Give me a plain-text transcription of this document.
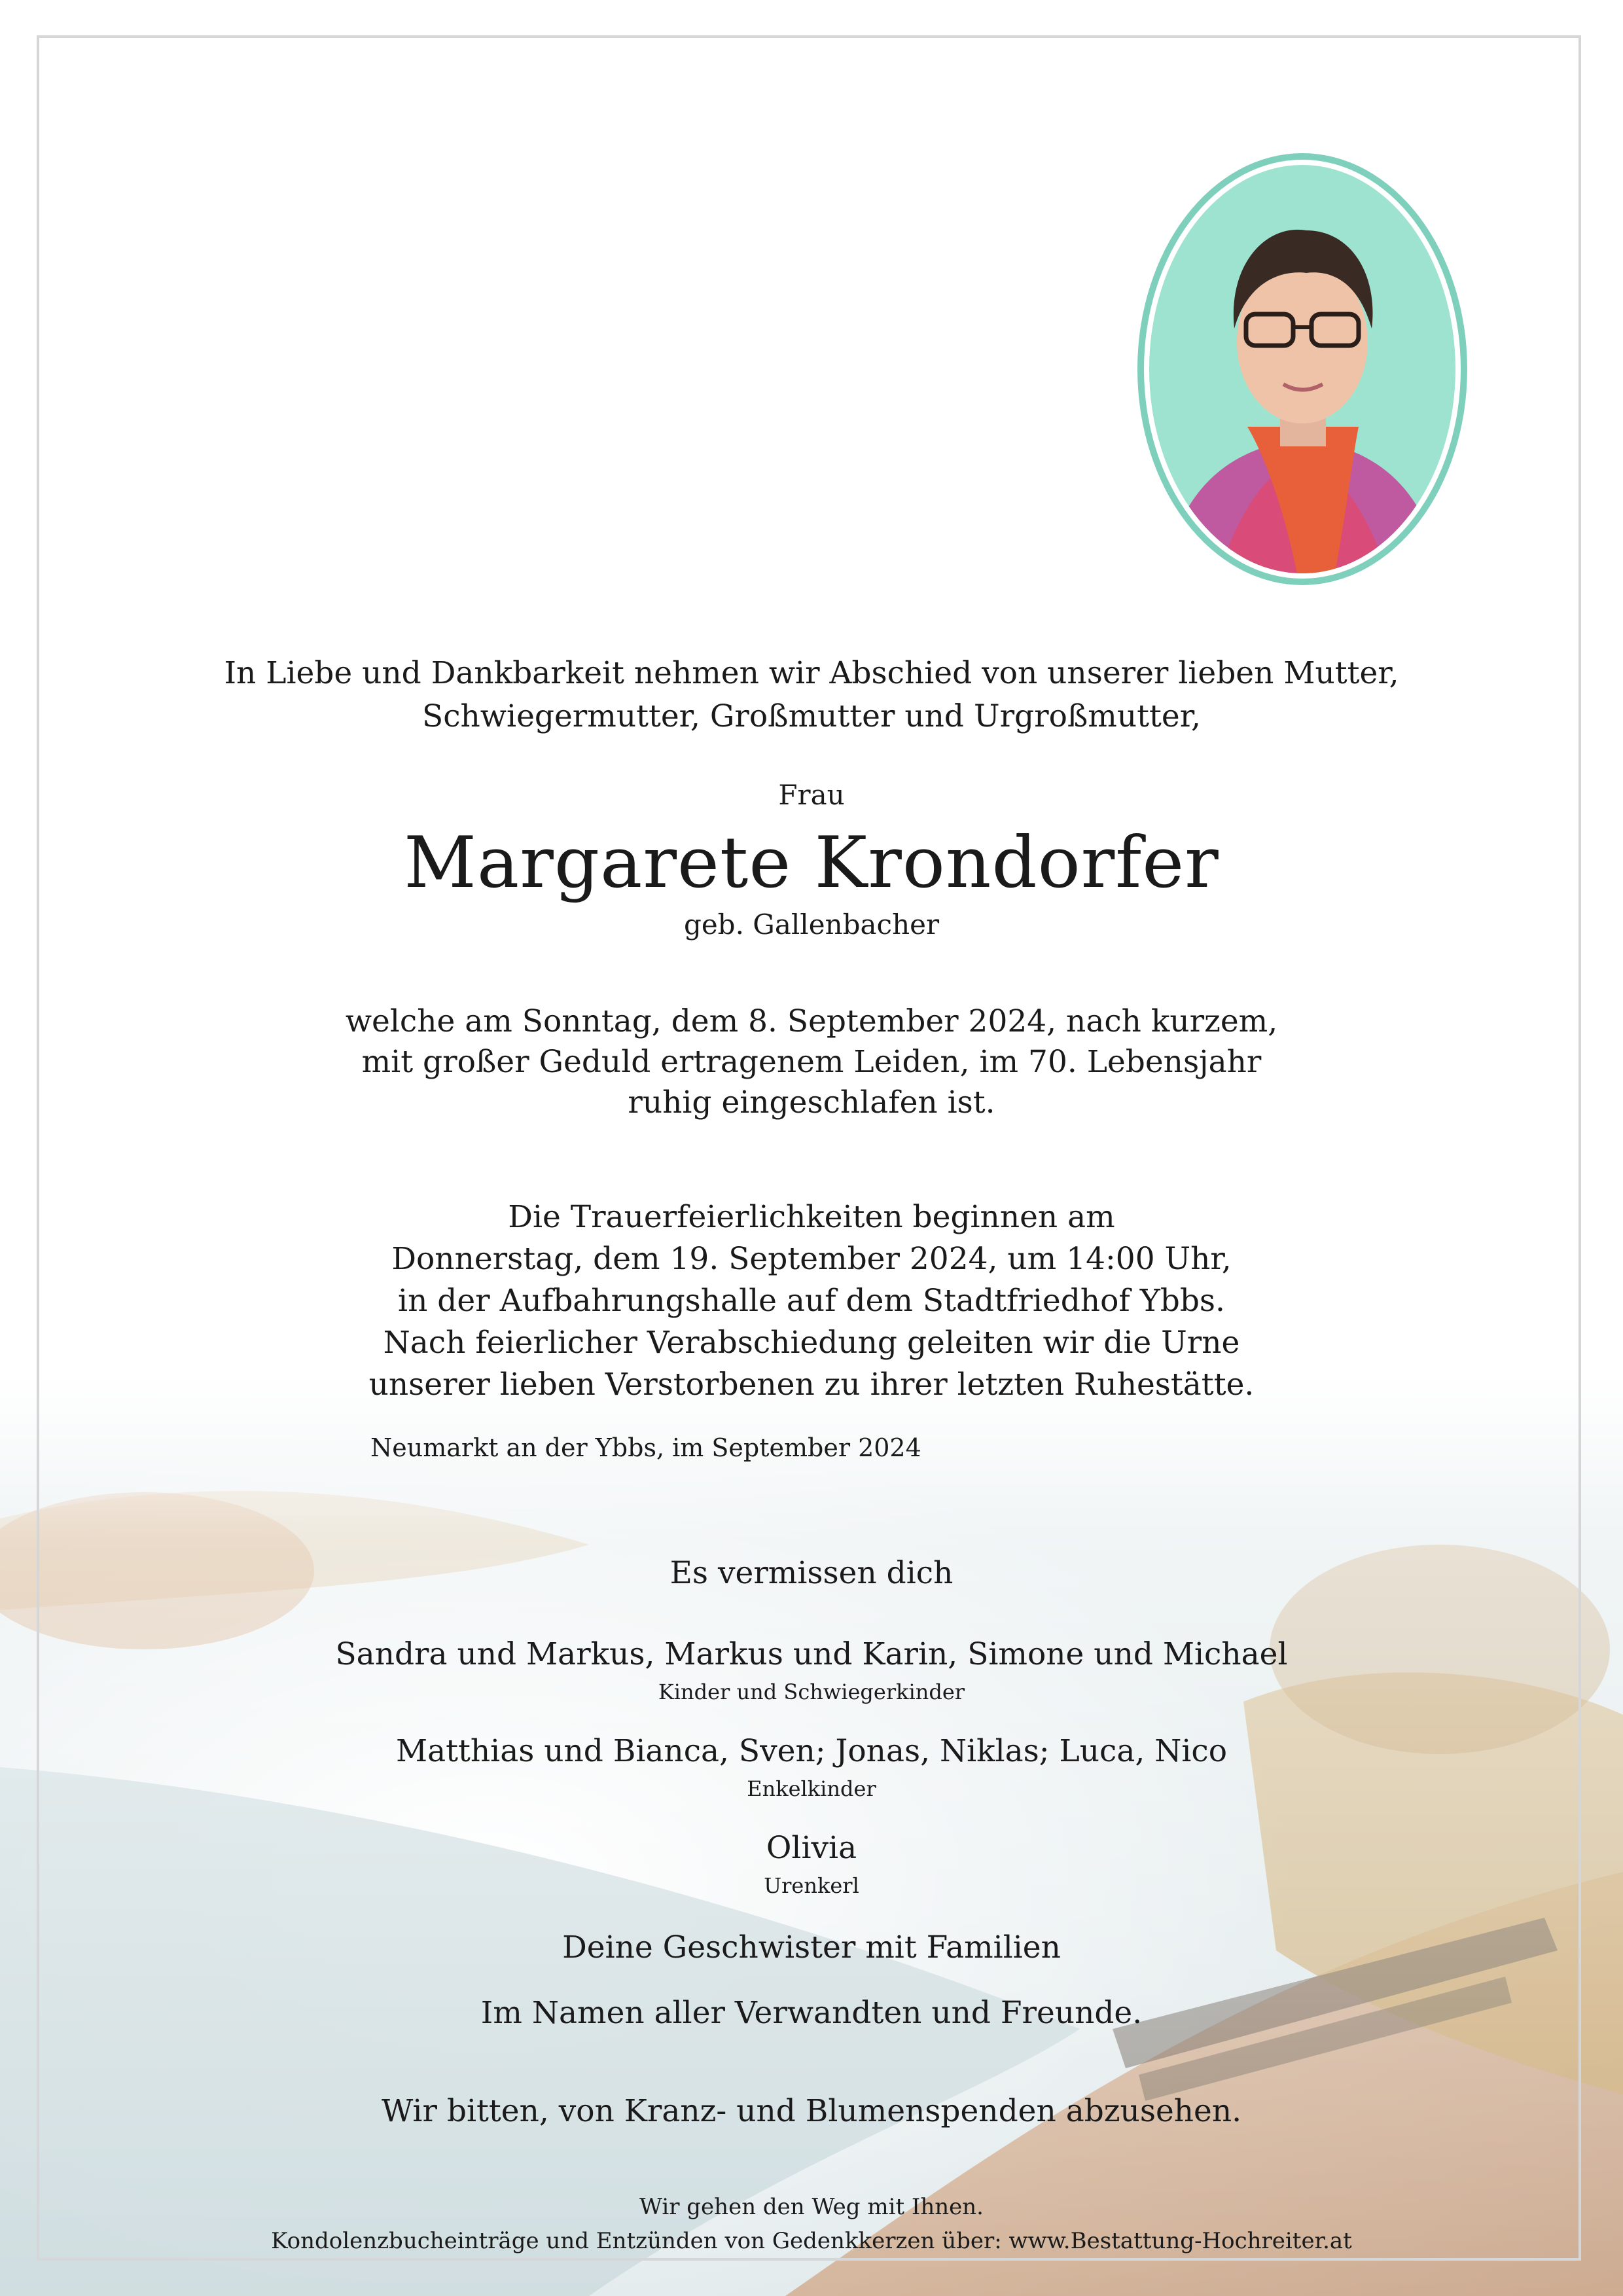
In Liebe und Dankbarkeit nehmen wir Abschied von unserer lieben Mutter,
Schwiegermutter, Großmutter und Urgroßmutter,
Frau
Margarete Krondorfer
geb. Gallenbacher
welche am Sonntag, dem 8. September 2024, nach kurzem,
mit großer Geduld ertragenem Leiden, im 70. Lebensjahr
ruhig eingeschlafen ist.
Die Trauerfeierlichkeiten beginnen am
Donnerstag, dem 19. September 2024, um 14:00 Uhr,
in der Aufbahrungshalle auf dem Stadtfriedhof Ybbs.
Nach feierlicher Verabschiedung geleiten wir die Urne
unserer lieben Verstorbenen zu ihrer letzten Ruhestätte.
Neumarkt an der Ybbs, im September 2024
Es vermissen dich
Sandra und Markus, Markus und Karin, Simone und Michael
Kinder und Schwiegerkinder
Matthias und Bianca, Sven; Jonas, Niklas; Luca, Nico
Enkelkinder
Olivia
Urenkerl
Deine Geschwister mit Familien
Im Namen aller Verwandten und Freunde.
Wir bitten, von Kranz- und Blumenspenden abzusehen.
Wir gehen den Weg mit Ihnen.
Kondolenzbucheinträge und Entzünden von Gedenkkerzen über: www.Bestattung-Hochreiter.at
